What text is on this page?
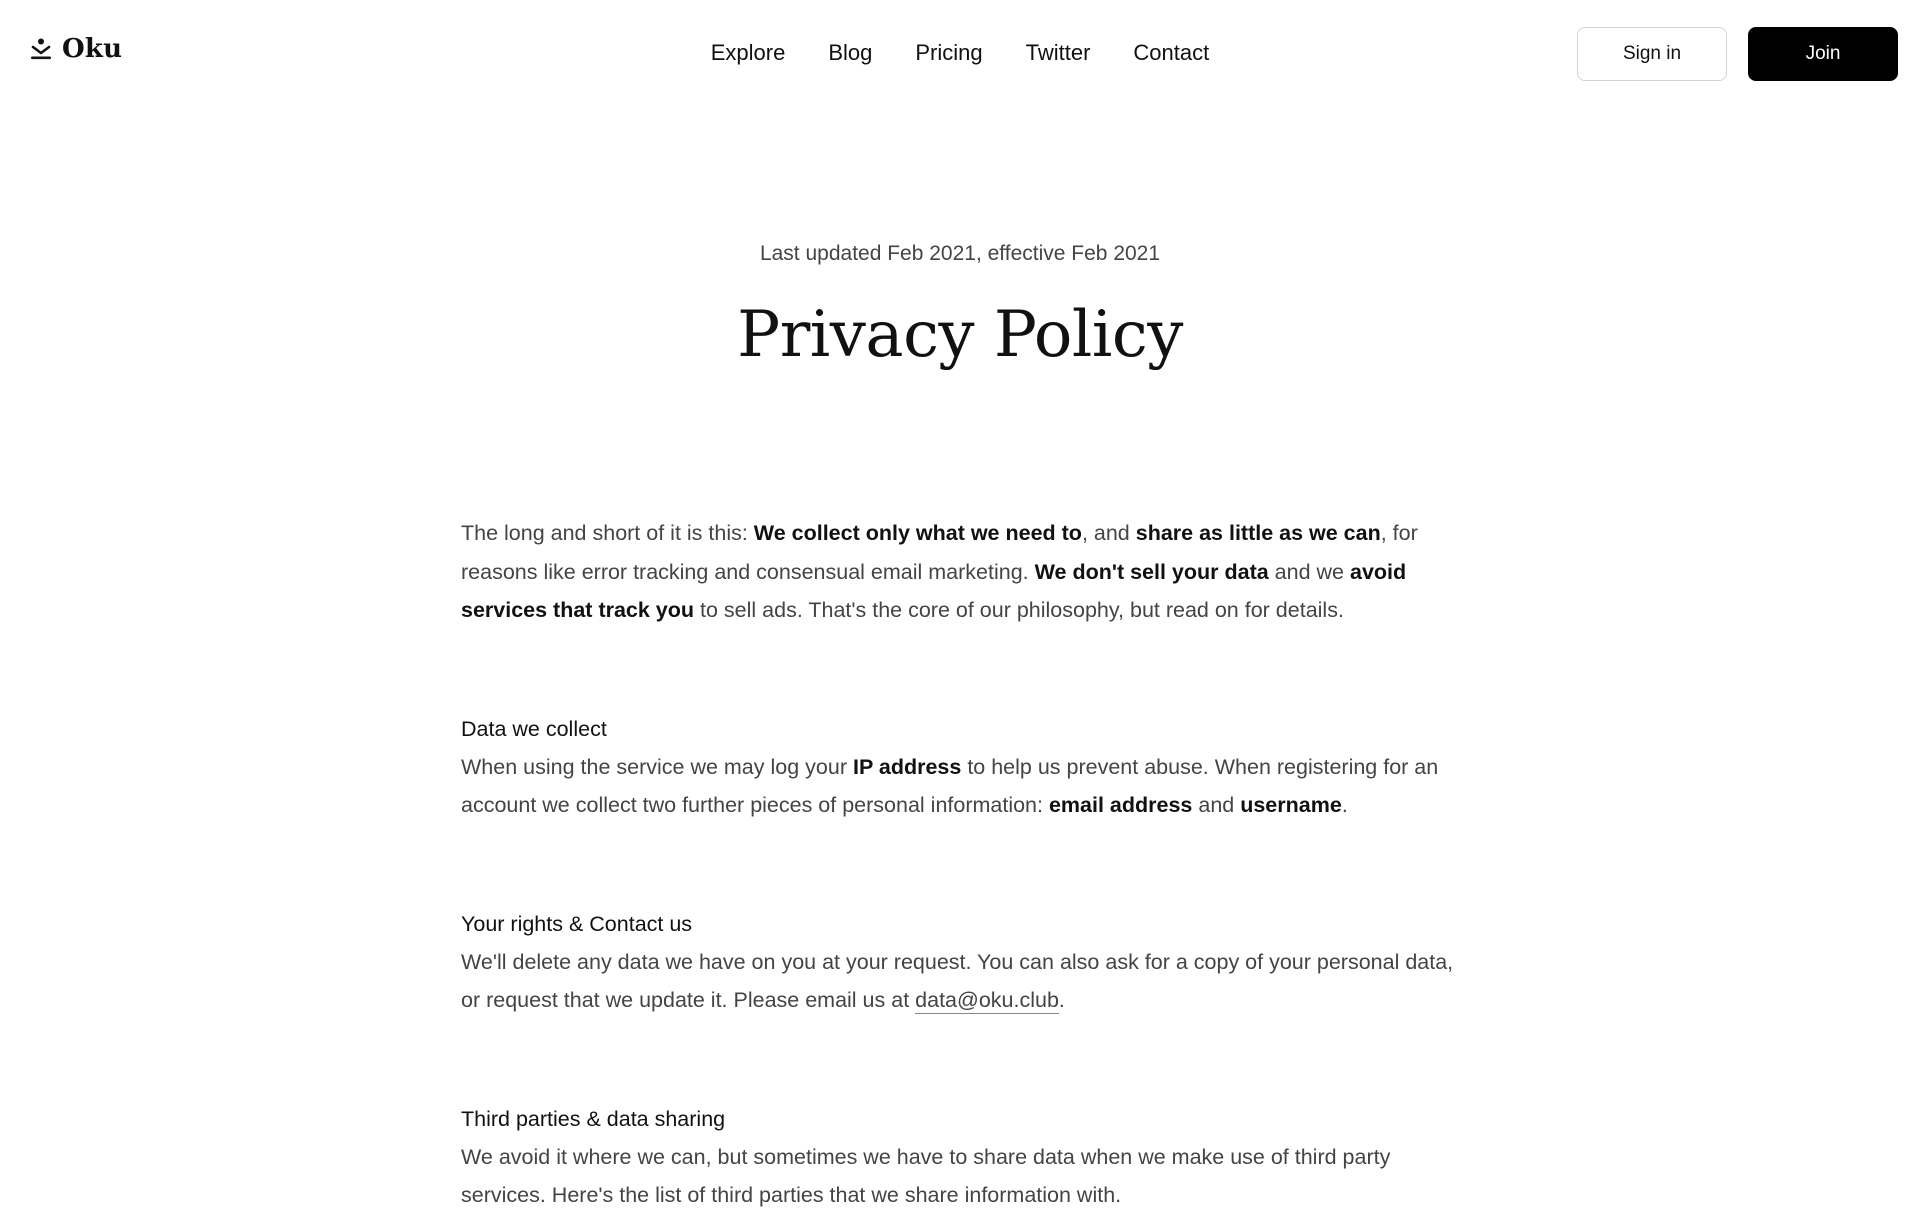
Oku	Explore Blog Pricing Twitter Contact	Sign in	Join
Last updated Feb 2021, effective Feb 2021
Privacy Policy

The long and short of it is this: We collect only what we need to, and share as little as we can, for reasons like error tracking and consensual email marketing. We don't sell your data and we avoid services that track you to sell ads. That's the core of our philosophy, but read on for details.

Data we collect

When using the service we may log your IP address to help us prevent abuse. When registering for an account we collect two further pieces of personal information: email address and username.

Your rights & Contact us

We'll delete any data we have on you at your request. You can also ask for a copy of your personal data, or request that we update it. Please email us at data@oku.club.

Third parties & data sharing

We avoid it where we can, but sometimes we have to share data when we make use of third party services. Here's the list of third parties that we share information with.
